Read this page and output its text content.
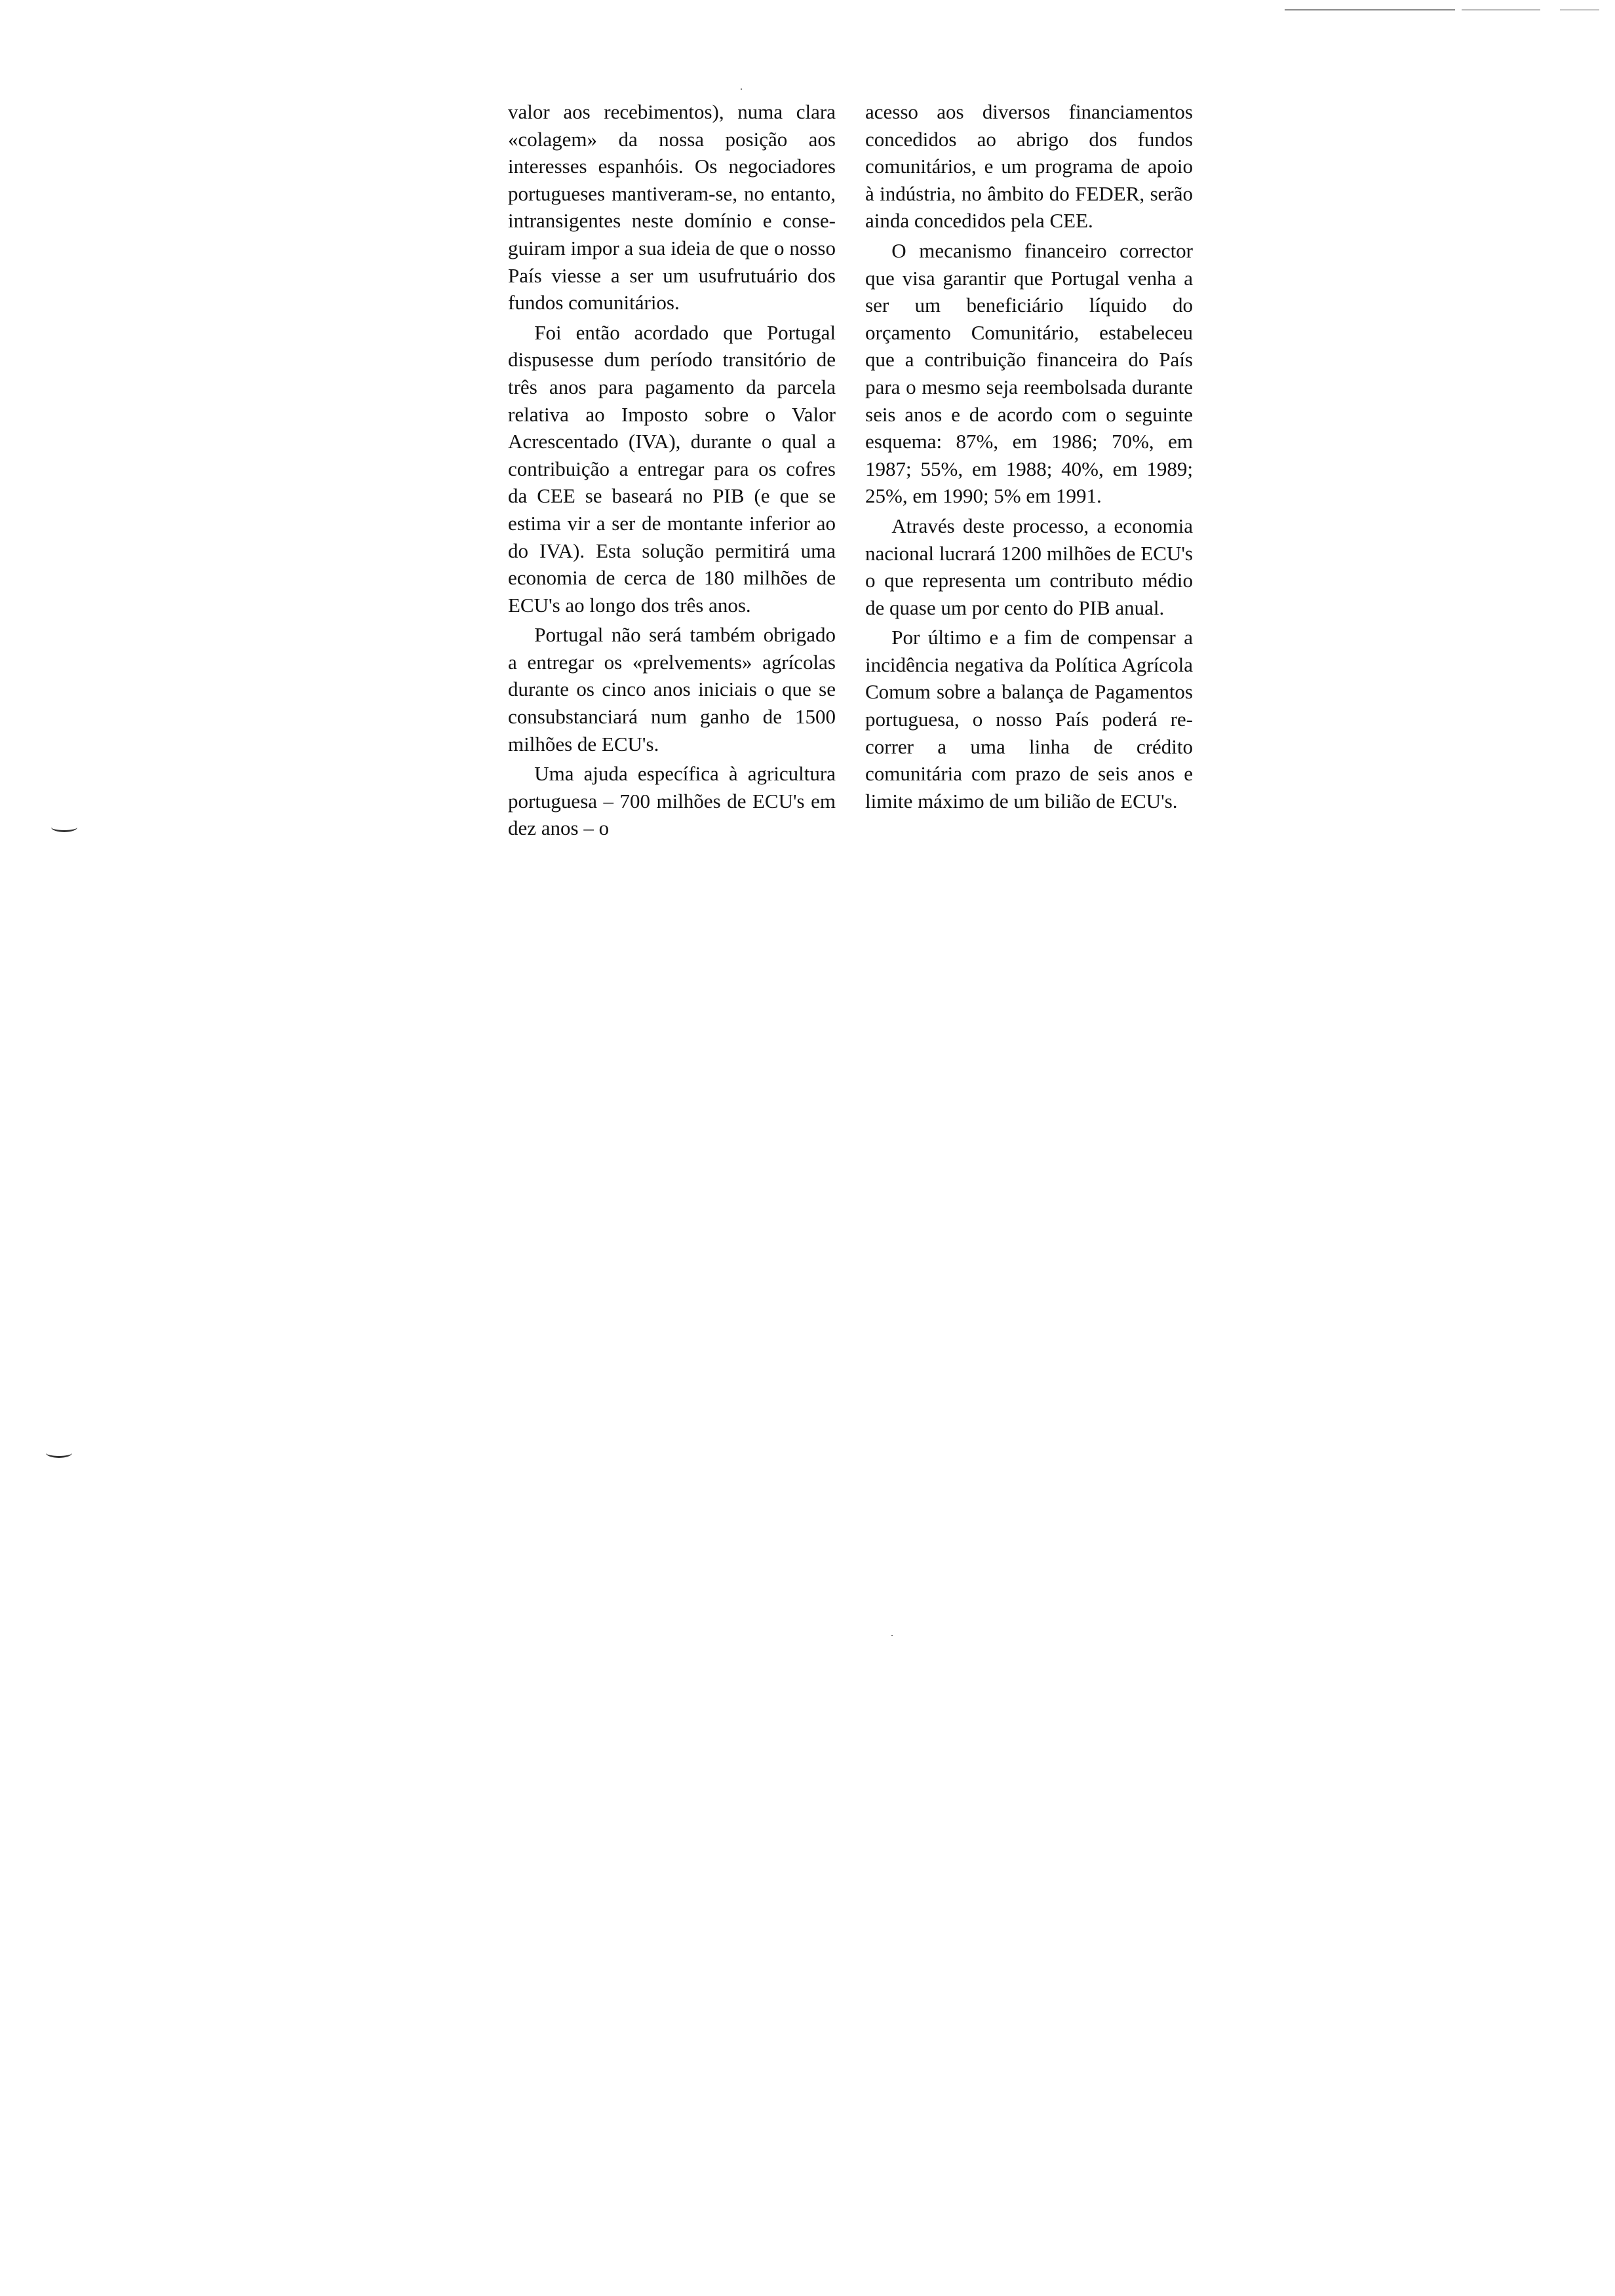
valor aos recebimentos), numa clara «colagem» da nossa posição aos interesses espanhóis. Os negociadores portugueses mantiveram-se, no entanto, intransigentes neste domínio e conseguiram impor a sua ideia de que o nosso País viesse a ser um usufrutuário dos fundos comunitários.

Foi então acordado que Portugal dispusesse dum período transitório de três anos para pagamento da parcela relativa ao Imposto sobre o Valor Acrescentado (IVA), durante o qual a contribuição a entregar para os cofres da CEE se baseará no PIB (e que se estima vir a ser de montante inferior ao do IVA). Esta solução permitirá uma economia de cerca de 180 milhões de ECU's ao longo dos três anos.

Portugal não será também obrigado a entregar os «prelvements» agrícolas durante os cinco anos iniciais o que se consubstanciará num ganho de 1500 milhões de ECU's.

Uma ajuda específica à agricultura portuguesa – 700 milhões de ECU's em dez anos – o

acesso aos diversos financiamentos concedidos ao abrigo dos fundos comunitários, e um programa de apoio à indústria, no âmbito do FEDER, serão ainda concedidos pela CEE.

O mecanismo financeiro corrector que visa garantir que Portugal venha a ser um beneficiário líquido do orçamento Comunitário, estabeleceu que a contribuição financeira do País para o mesmo seja reembolsada durante seis anos e de acordo com o seguinte esquema: 87%, em 1986; 70%, em 1987; 55%, em 1988; 40%, em 1989; 25%, em 1990; 5% em 1991.

Através deste processo, a economia nacional lucrará 1200 milhões de ECU's o que representa um contributo médio de quase um por cento do PIB anual.

Por último e a fim de compensar a incidência negativa da Política Agrícola Comum sobre a balança de Pagamentos portuguesa, o nosso País poderá recorrer a uma linha de crédito comunitária com prazo de seis anos e limite máximo de um bilião de ECU's.
